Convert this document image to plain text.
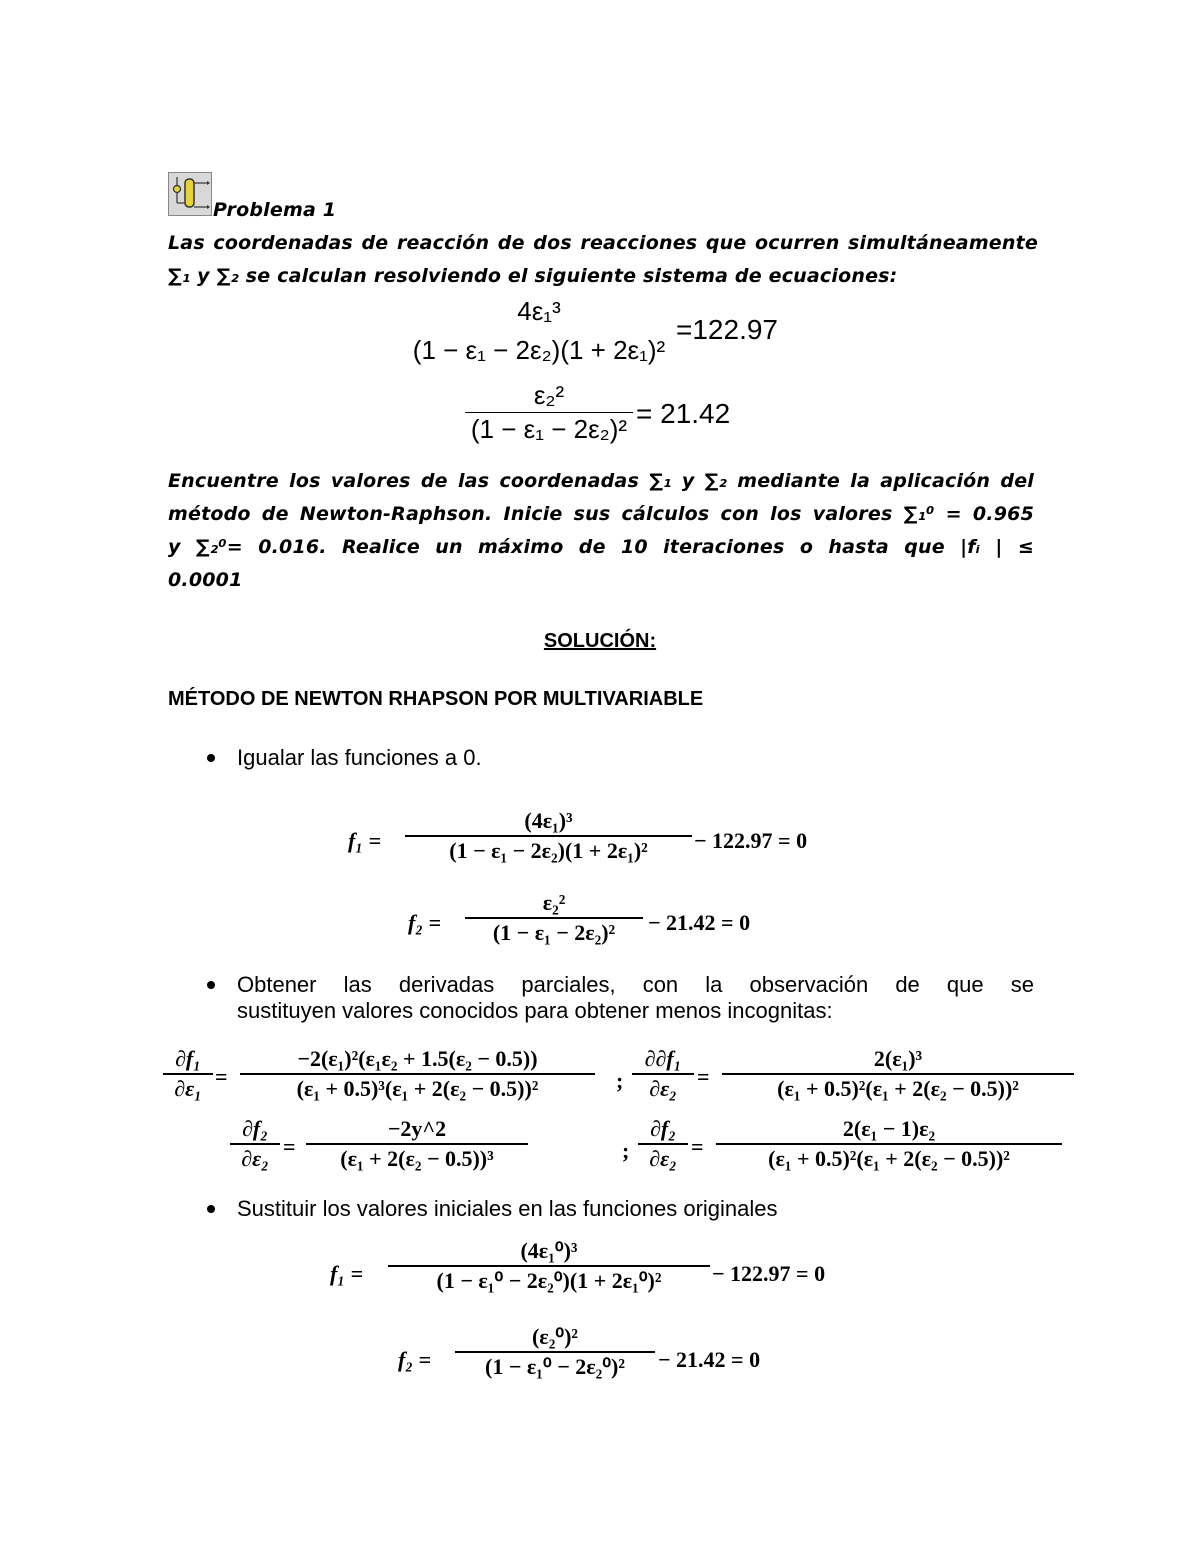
Problema 1
Las coordenadas de reacción de dos reacciones que ocurren simultáneamente
∑₁ y ∑₂ se calculan resolviendo el siguiente sistema de ecuaciones:
4ε₁³
(1 − ε₁ − 2ε₂)(1 + 2ε₁)²
=122.97
ε₂²
(1 − ε₁ − 2ε₂)² = 21.42
Encuentre los valores de las coordenadas ∑₁ y ∑₂ mediante la aplicación del
método de Newton-Raphson. Inicie sus cálculos con los valores ∑₁⁰ = 0.965
y ∑₂⁰= 0.016. Realice un máximo de 10 iteraciones o hasta que |fᵢ | ≤
0.0001
SOLUCIÓN:
MÉTODO DE NEWTON RHAPSON POR MULTIVARIABLE
Igualar las funciones a 0.
f₁ =
(4ε₁)³
(1 − ε₁ − 2ε₂)(1 + 2ε₁)²	− 122.97 = 0
f₂ =
ε₂²
(1 − ε₁ − 2ε₂)²	− 21.42 = 0
Obtener las derivadas parciales, con la observación de que se
sustituyen valores conocidos para obtener menos incognitas:
∂f₁
∂ε₁ =
−2(ε₁)²(ε₁ε₂ + 1.5(ε₂ − 0.5))
(ε₁ + 0.5)³(ε₁ + 2(ε₂ − 0.5))²	;
∂∂f₁
∂ε₂ =
2(ε₁)³
(ε₁ + 0.5)²(ε₁ + 2(ε₂ − 0.5))²
∂f₂
∂ε₂ =
−2y^2
(ε₁ + 2(ε₂ − 0.5))³	;
∂f₂
∂ε₂ =
2(ε₁ − 1)ε₂
(ε₁ + 0.5)²(ε₁ + 2(ε₂ − 0.5))²
Sustituir los valores iniciales en las funciones originales
f₁ =
(4ε₁⁰)³
(1 − ε₁⁰ − 2ε₂⁰)(1 + 2ε₁⁰)²	− 122.97 = 0
f₂ =
(ε₂⁰)²
(1 − ε₁⁰ − 2ε₂⁰)²	− 21.42 = 0
